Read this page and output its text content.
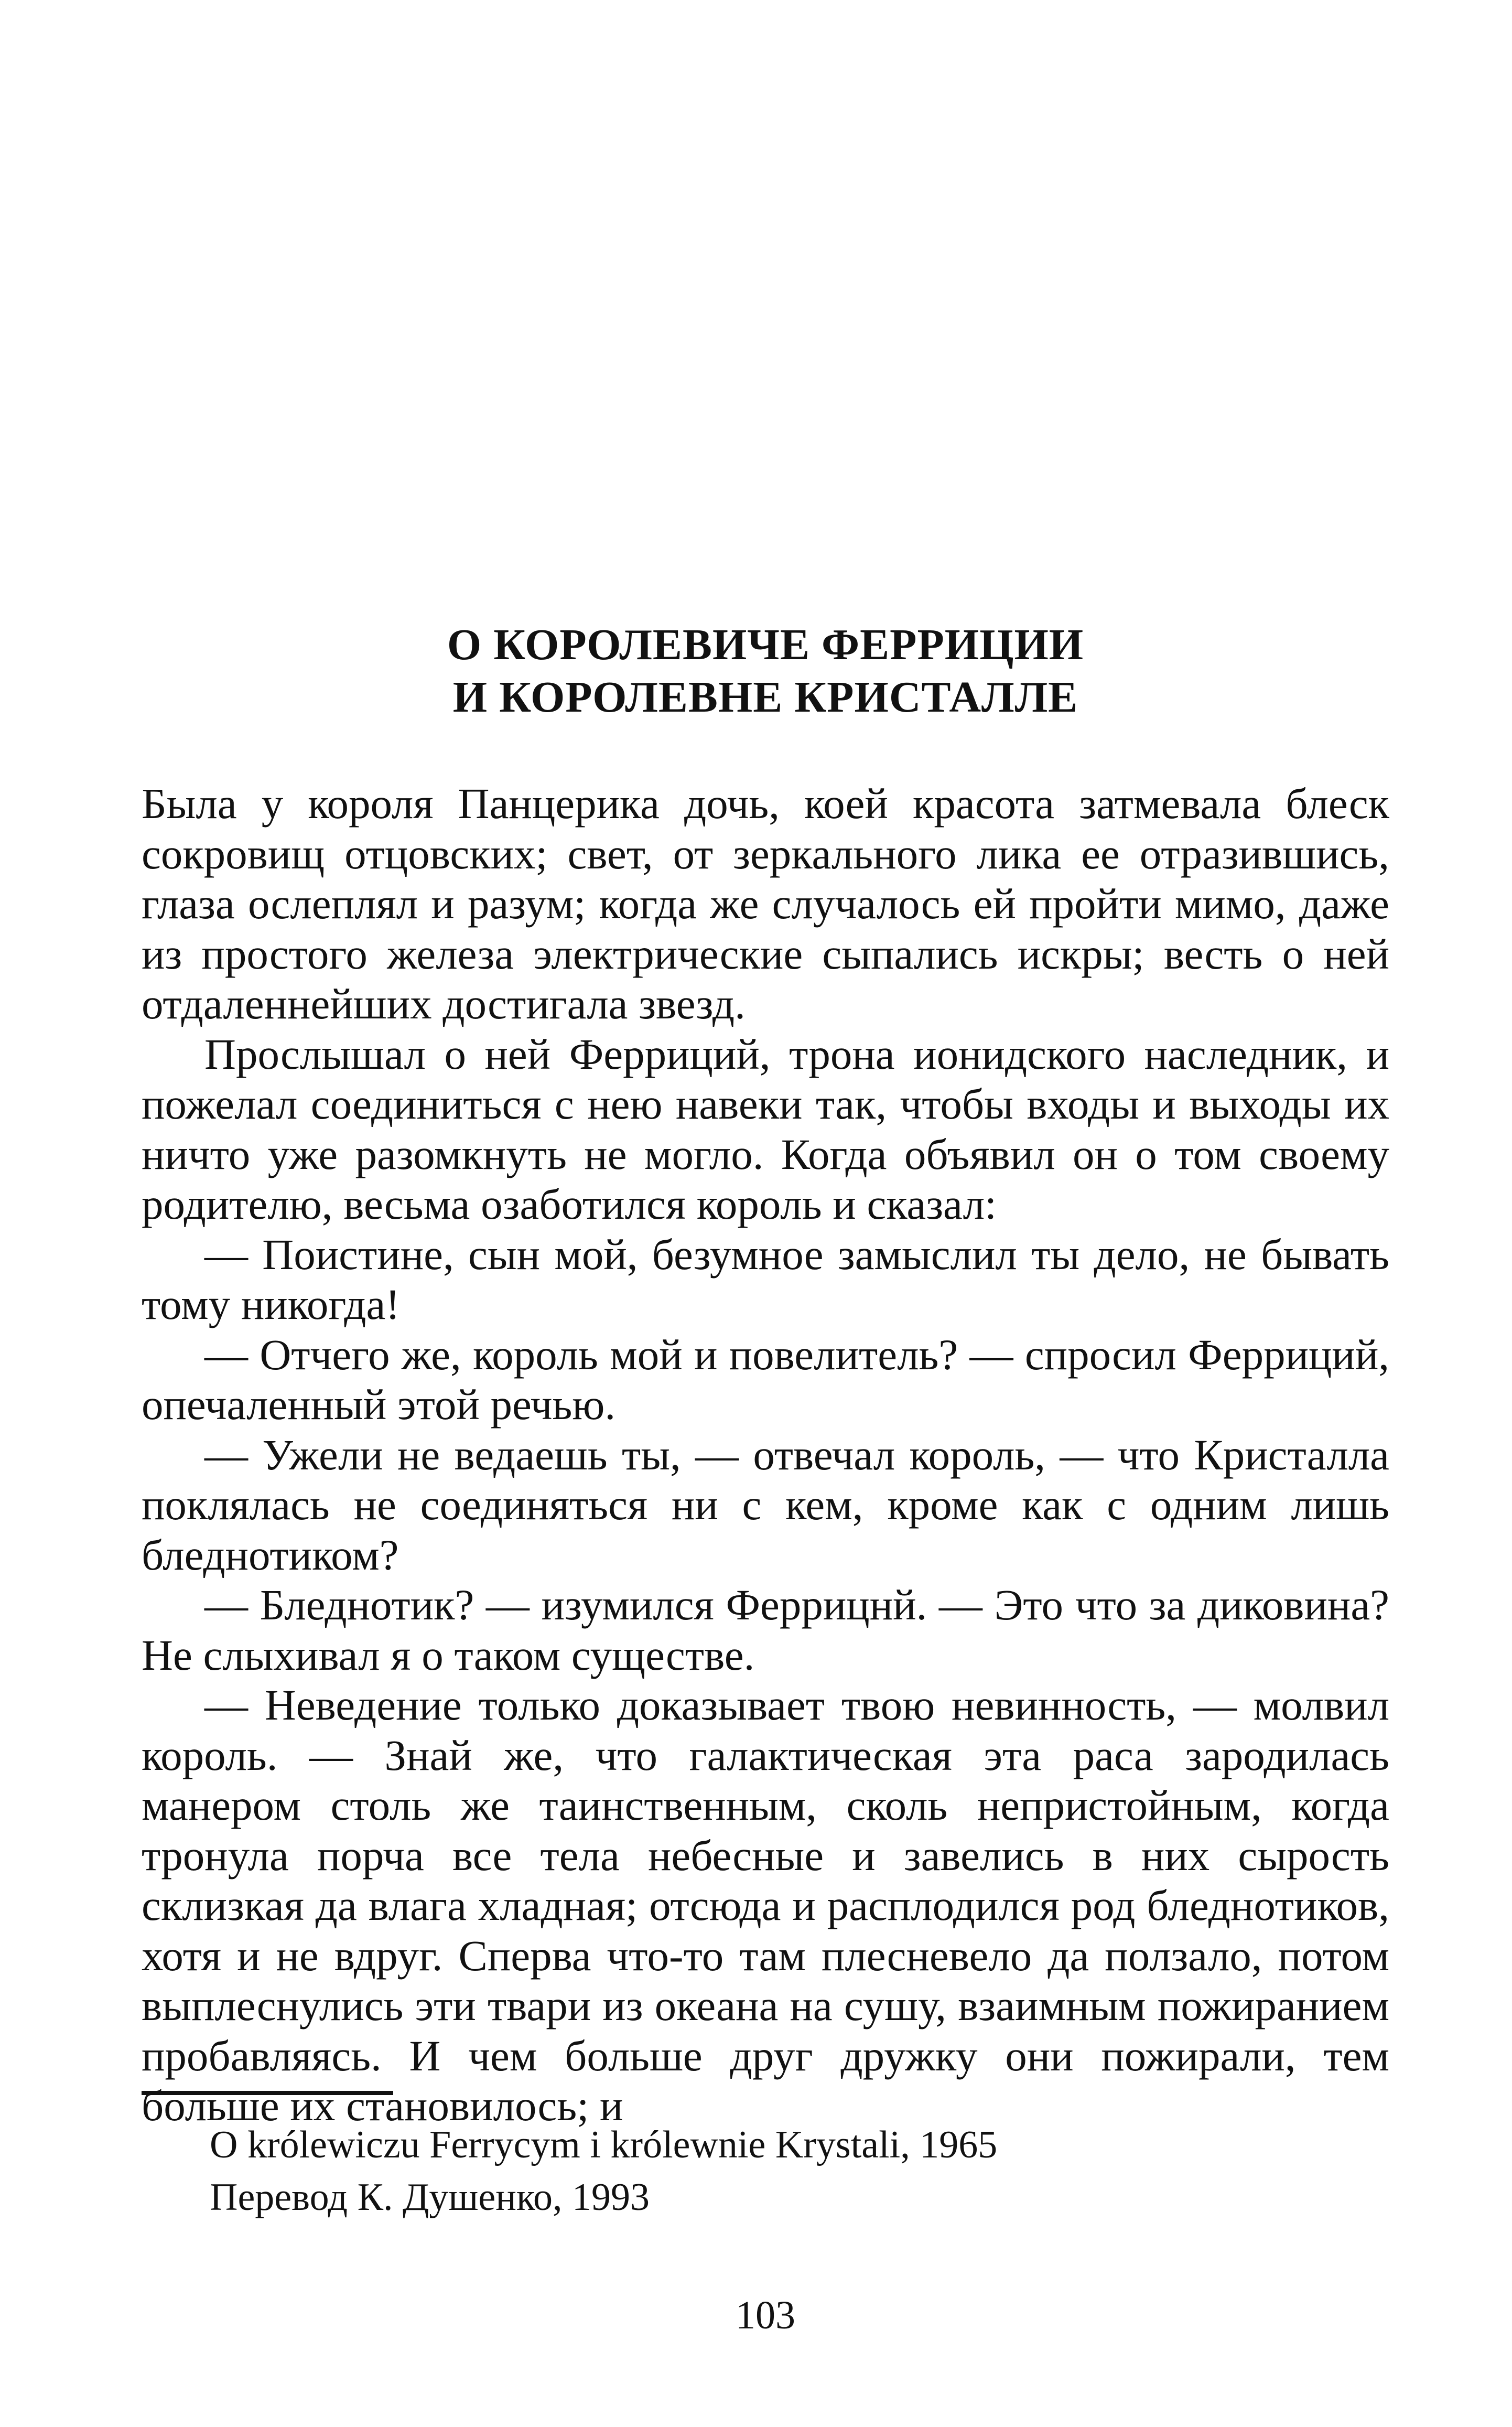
О КОРОЛЕВИЧЕ ФЕРРИЦИИ
И КОРОЛЕВНЕ КРИСТАЛЛЕ

Была у короля Панцерика дочь, коей красота затмевала блеск сокровищ отцовских; свет, от зеркального лика ее отразившись, глаза ослеплял и разум; когда же случалось ей пройти мимо, даже из простого железа электрические сыпались искры; весть о ней отдаленнейших достигала звезд.

Прослышал о ней Ферриций, трона ионидского наследник, и пожелал соединиться с нею навеки так, чтобы входы и выходы их ничто уже разомкнуть не могло. Когда объявил он о том своему родителю, весьма озаботился король и сказал:

— Поистине, сын мой, безумное замыслил ты дело, не бывать тому никогда!

— Отчего же, король мой и повелитель? — спросил Ферриций, опечаленный этой речью.

— Ужели не ведаешь ты, — отвечал король, — что Кристалла поклялась не соединяться ни с кем, кроме как с одним лишь бледнотиком?

— Бледнотик? — изумился Феррицнй. — Это что за диковина? Не слыхивал я о таком существе.

— Неведение только доказывает твою невинность, — молвил король. — Знай же, что галактическая эта раса зародилась манером столь же таинственным, сколь непристойным, когда тронула порча все тела небесные и завелись в них сырость склизкая да влага хладная; отсюда и расплодился род бледнотиков, хотя и не вдруг. Сперва что-то там плесневело да ползало, потом выплеснулись эти твари из океана на сушу, взаимным пожиранием пробавляясь. И чем больше друг дружку они пожирали, тем больше их становилось; и

O królewiczu Ferrycym i królewnie Krystali, 1965
Перевод К. Душенко, 1993
103
